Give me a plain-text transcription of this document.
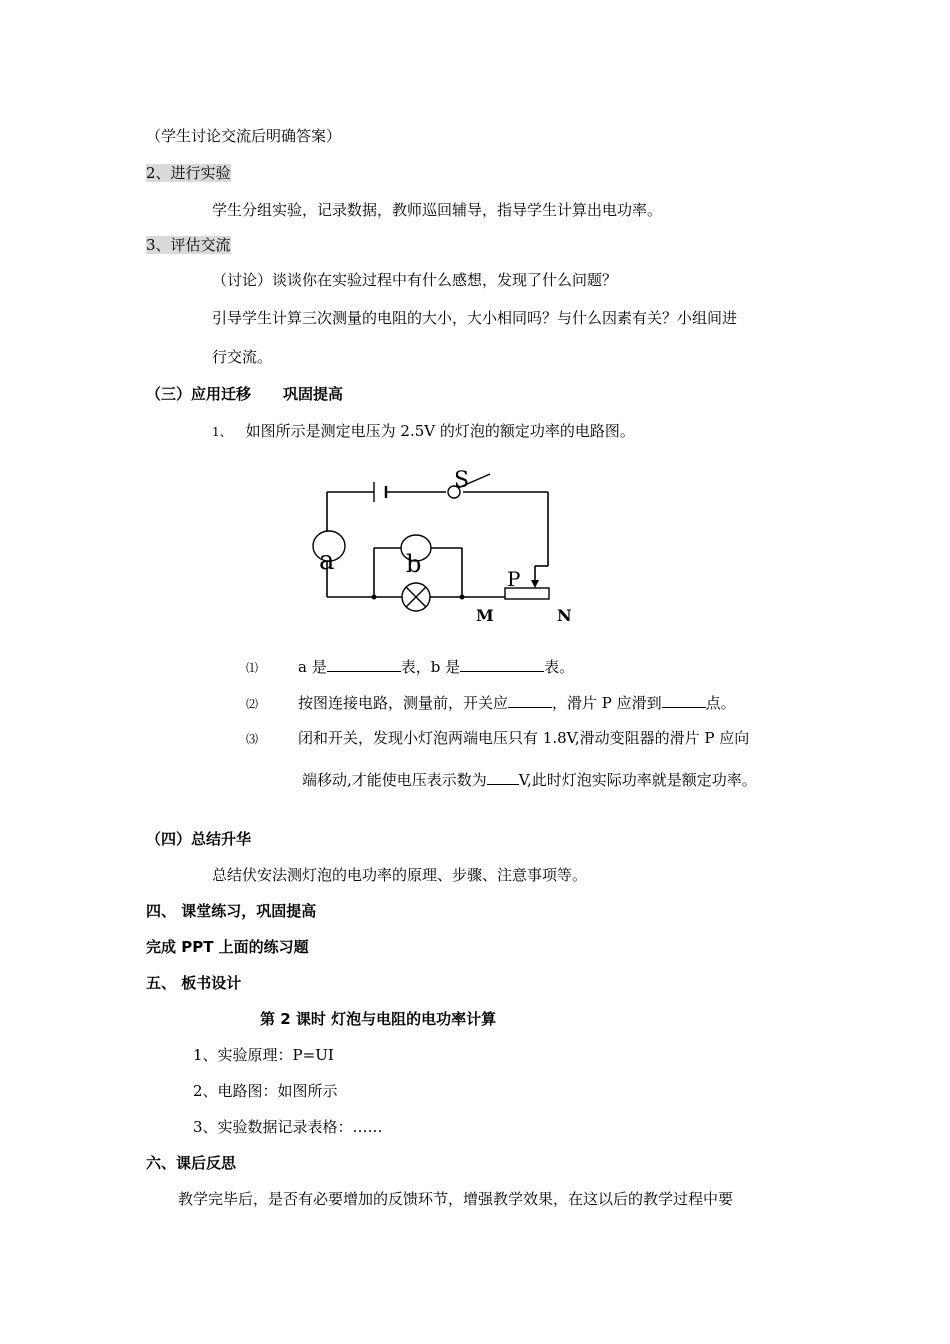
（学生讨论交流后明确答案）
2、进行实验
学生分组实验，记录数据，教师巡回辅导，指导学生计算出电功率。
3、评估交流
（讨论）谈谈你在实验过程中有什么感想，发现了什么问题？
引导学生计算三次测量的电阻的大小，大小相同吗？与什么因素有关？小组间进
行交流。
（三）应用迁移 巩固提高
1、 如图所示是测定电压为 2.5V 的灯泡的额定功率的电路图。
S
a	b
P
M	N
⑴	a 是	表，b 是	表。
⑵	按图连接电路，测量前，开关应	，滑片 P 应滑到	点。
⑶	闭和开关，发现小灯泡两端电压只有 1.8V,滑动变阻器的滑片 P 应向
端移动,才能使电压表示数为 V,此时灯泡实际功率就是额定功率。
（四）总结升华
总结伏安法测灯泡的电功率的原理、步骤、注意事项等。
四、 课堂练习，巩固提高
完成 PPT 上面的练习题
五、 板书设计
第 2 课时 灯泡与电阻的电功率计算
1、实验原理：P=UI
2、电路图：如图所示
3、实验数据记录表格：……
六、课后反思
教学完毕后，是否有必要增加的反馈环节，增强教学效果，在这以后的教学过程中要
